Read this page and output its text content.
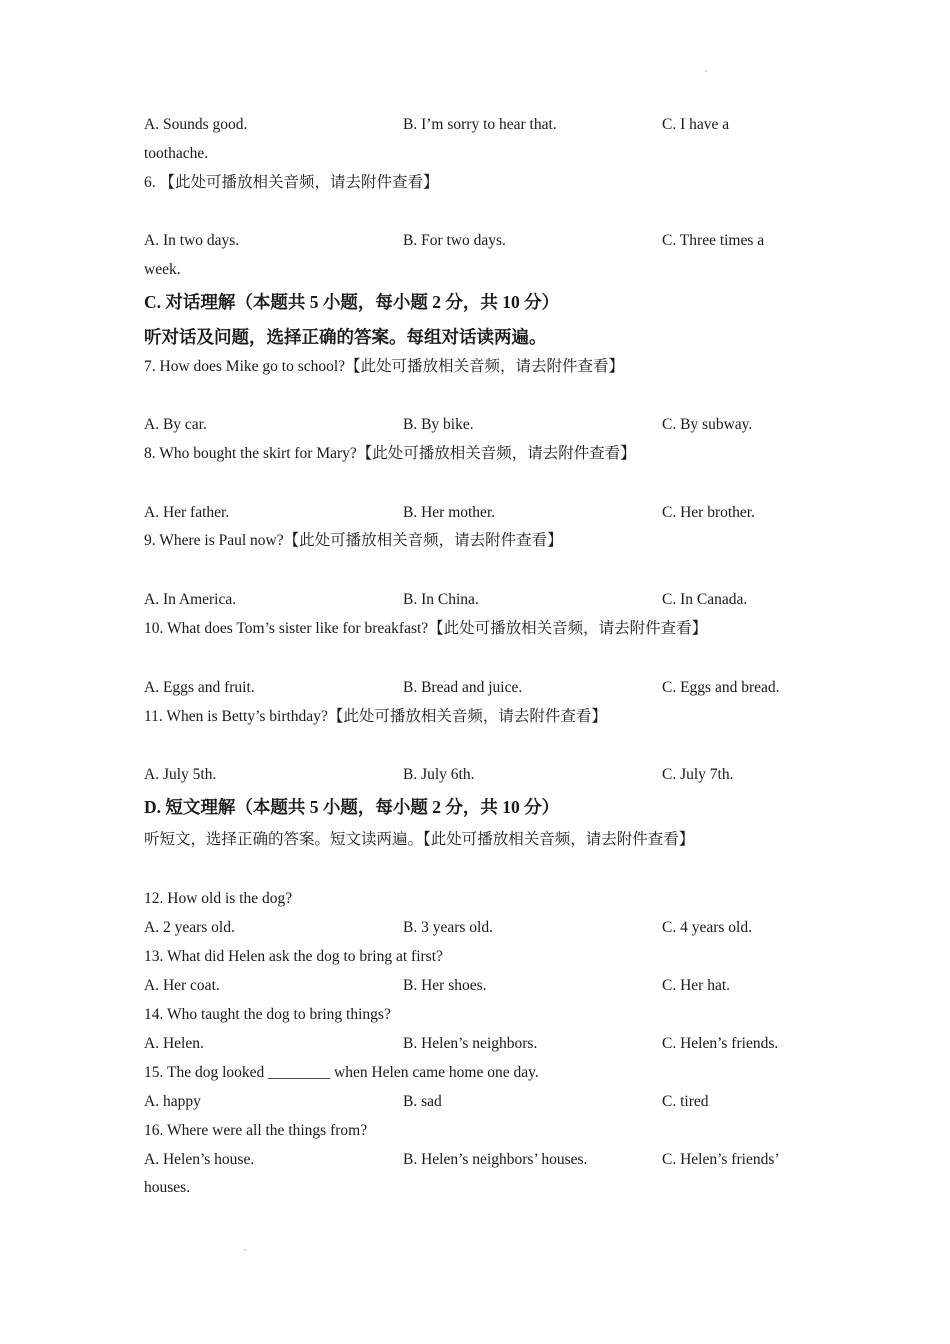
A. Sounds good.	B. I’m sorry to hear that.	C. I have a
toothache.
6. 【此处可播放相关音频，请去附件查看】
A. In two days.	B. For two days.	C. Three times a
week.
C. 对话理解（本题共 5 小题，每小题 2 分，共 10 分）
听对话及问题，选择正确的答案。每组对话读两遍。
7. How does Mike go to school?【此处可播放相关音频，请去附件查看】
A. By car.	B. By bike.	C. By subway.
8. Who bought the skirt for Mary?【此处可播放相关音频，请去附件查看】
A. Her father.	B. Her mother.	C. Her brother.
9. Where is Paul now?【此处可播放相关音频，请去附件查看】
A. In America.	B. In China.	C. In Canada.
10. What does Tom’s sister like for breakfast?【此处可播放相关音频，请去附件查看】
A. Eggs and fruit.	B. Bread and juice.	C. Eggs and bread.
11. When is Betty’s birthday?【此处可播放相关音频，请去附件查看】
A. July 5th.	B. July 6th.	C. July 7th.
D. 短文理解（本题共 5 小题，每小题 2 分，共 10 分）
听短文，选择正确的答案。短文读两遍。【此处可播放相关音频，请去附件查看】
12. How old is the dog?
A. 2 years old.	B. 3 years old.	C. 4 years old.
13. What did Helen ask the dog to bring at first?
A. Her coat.	B. Her shoes.	C. Her hat.
14. Who taught the dog to bring things?
A. Helen.	B. Helen’s neighbors.	C. Helen’s friends.
15. The dog looked ________ when Helen came home one day.
A. happy	B. sad	C. tired
16. Where were all the things from?
A. Helen’s house.	B. Helen’s neighbors’ houses.	C. Helen’s friends’
houses.
